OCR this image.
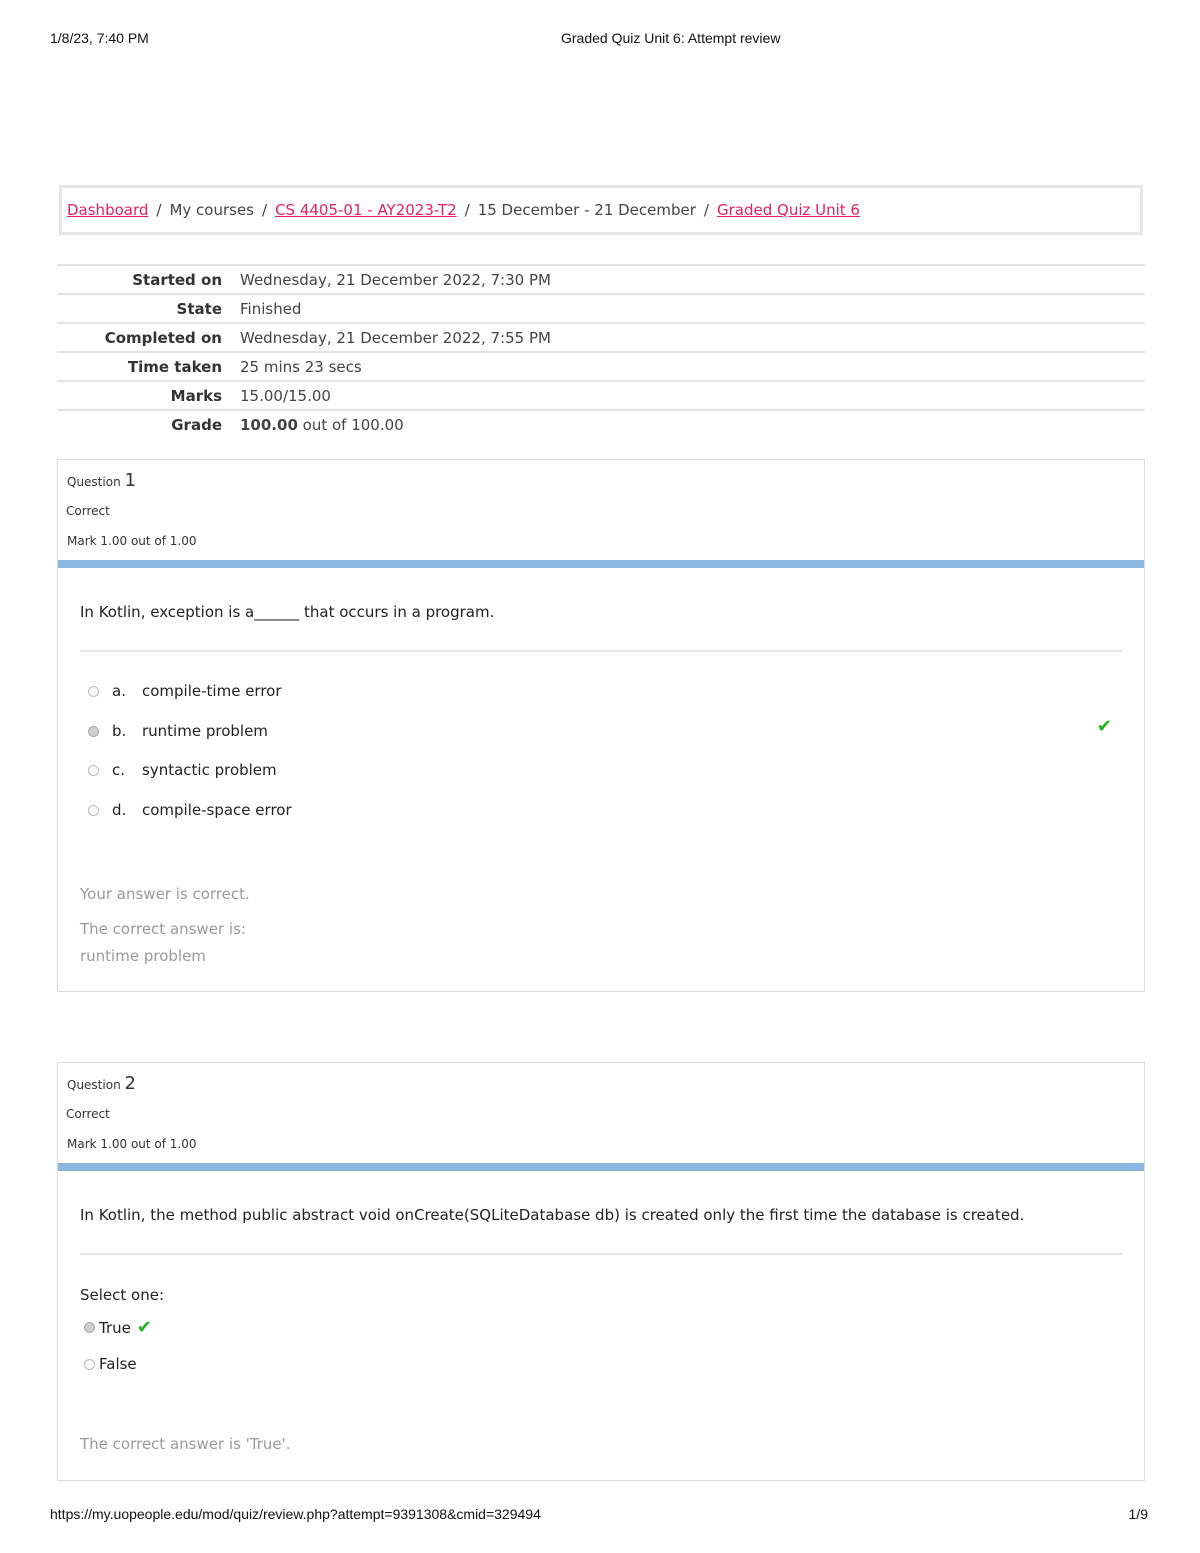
1/8/23, 7:40 PM	Graded Quiz Unit 6: Attempt review
Dashboard / My courses / CS 4405-01 - AY2023-T2 / 15 December - 21 December / Graded Quiz Unit 6
Started on	Wednesday, 21 December 2022, 7:30 PM
State	Finished
Completed on	Wednesday, 21 December 2022, 7:55 PM
Time taken	25 mins 23 secs
Marks	15.00/15.00
Grade	100.00 out of 100.00
Question 1
Correct
Mark 1.00 out of 1.00
In Kotlin, exception is a______ that occurs in a program.
a.	compile-time error
b.	runtime problem	✔
c.	syntactic problem
d.	compile-space error
Your answer is correct.
The correct answer is:
runtime problem
Question 2
Correct
Mark 1.00 out of 1.00
In Kotlin, the method public abstract void onCreate(SQLiteDatabase db) is created only the first time the database is created.
Select one:
True ✔
False
The correct answer is 'True'.
https://my.uopeople.edu/mod/quiz/review.php?attempt=9391308&cmid=329494	1/9
